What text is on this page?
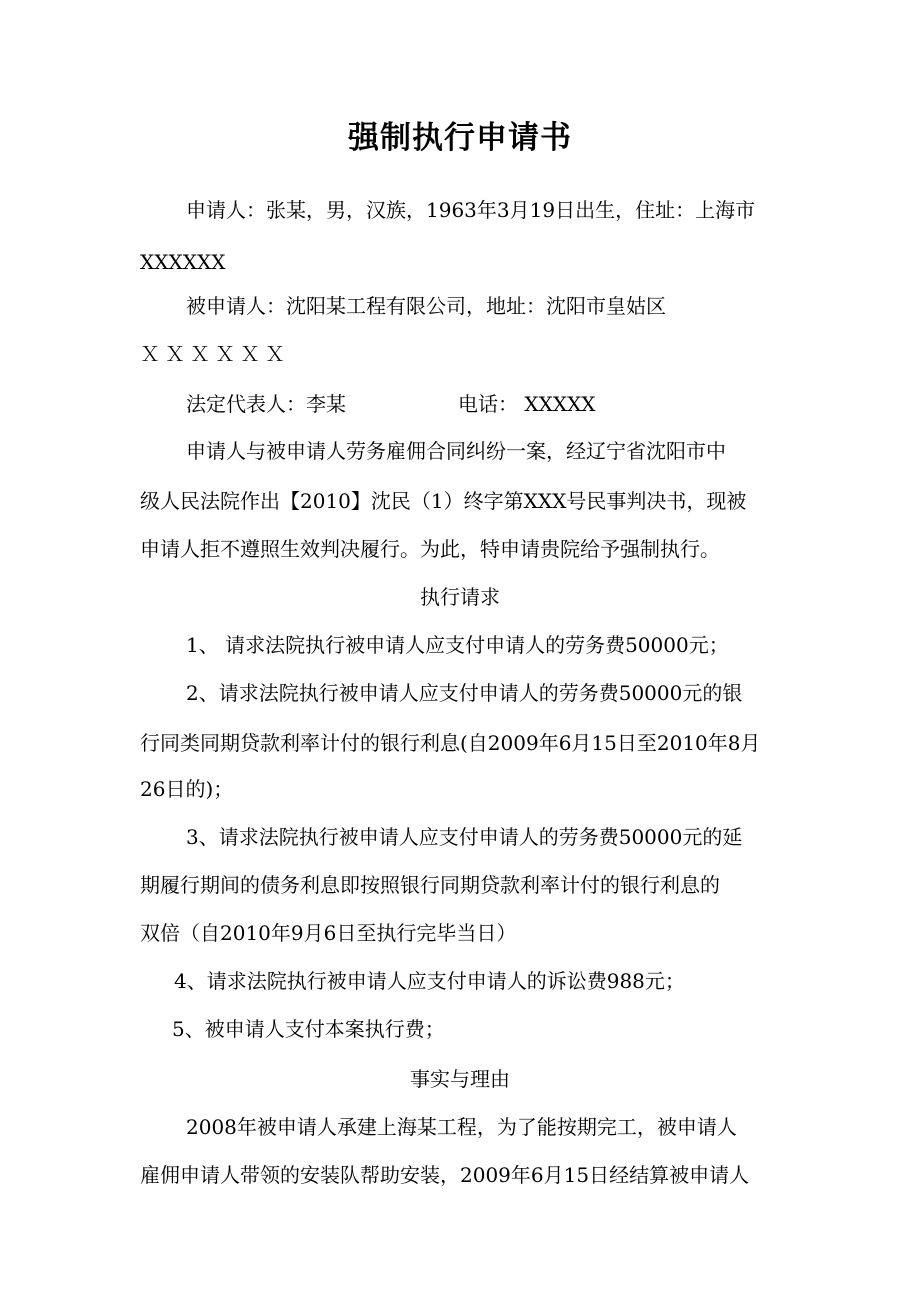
强制执行申请书
申请人：张某，男，汉族，1963年3月19日出生，住址：上海市
XXXXXX
被申请人：沈阳某工程有限公司，地址：沈阳市皇姑区
ＸＸＸＸＸＸ
法定代表人：李某	电话： XXXXX
申请人与被申请人劳务雇佣合同纠纷一案，经辽宁省沈阳市中
级人民法院作出【2010】沈民（1）终字第XXX号民事判决书，现被
申请人拒不遵照生效判决履行。为此，特申请贵院给予强制执行。
执行请求
1、 请求法院执行被申请人应支付申请人的劳务费50000元；
2、请求法院执行被申请人应支付申请人的劳务费50000元的银
行同类同期贷款利率计付的银行利息(自2009年6月15日至2010年8月
26日的)；
3、请求法院执行被申请人应支付申请人的劳务费50000元的延
期履行期间的债务利息即按照银行同期贷款利率计付的银行利息的
双倍（自2010年9月6日至执行完毕当日）
4、请求法院执行被申请人应支付申请人的诉讼费988元；
5、被申请人支付本案执行费；
事实与理由
2008年被申请人承建上海某工程，为了能按期完工，被申请人
雇佣申请人带领的安装队帮助安装，2009年6月15日经结算被申请人
